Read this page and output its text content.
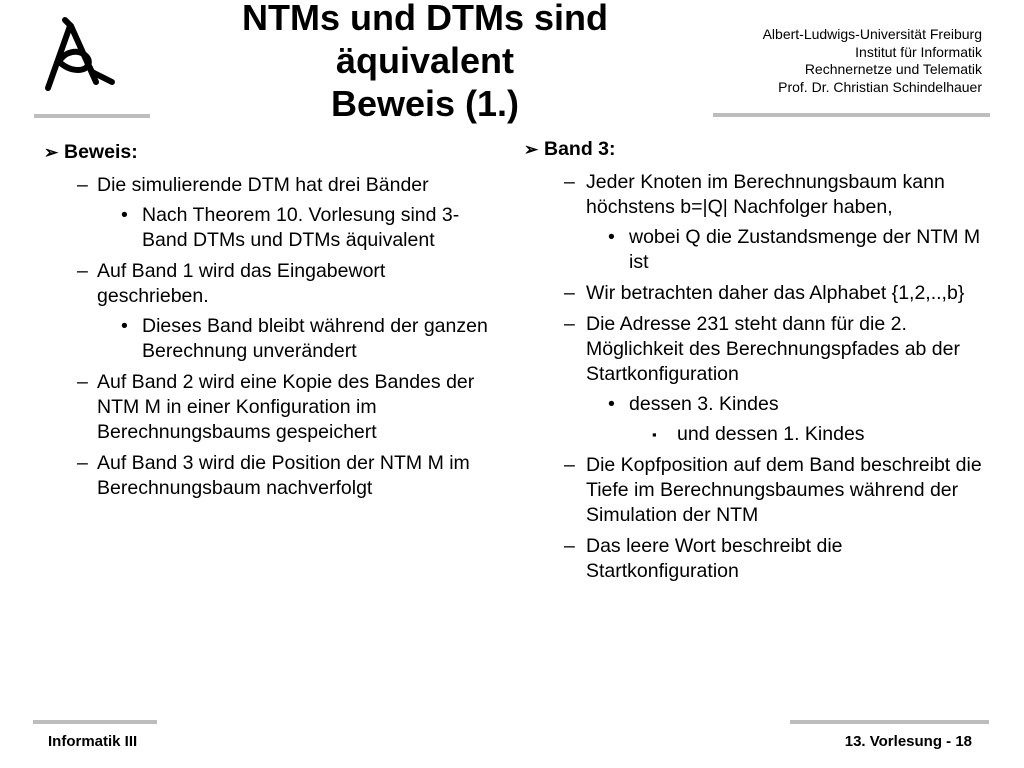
NTMs und DTMs sind
äquivalent
Beweis (1.)
Albert-Ludwigs-Universität Freiburg
Institut für Informatik
Rechnernetze und Telematik
Prof. Dr. Christian Schindelhauer
➢ Beweis:
– Die simulierende DTM hat drei Bänder
• Nach Theorem 10. Vorlesung sind 3-Band DTMs und DTMs äquivalent
– Auf Band 1 wird das Eingabewort geschrieben.
• Dieses Band bleibt während der ganzen Berechnung unverändert
– Auf Band 2 wird eine Kopie des Bandes der NTM M in einer Konfiguration im Berechnungsbaums gespeichert
– Auf Band 3 wird die Position der NTM M im Berechnungsbaum nachverfolgt
➢ Band 3:
– Jeder Knoten im Berechnungsbaum kann höchstens b=|Q| Nachfolger haben,
• wobei Q die Zustandsmenge der NTM M ist
– Wir betrachten daher das Alphabet {1,2,..,b}
– Die Adresse 231 steht dann für die 2. Möglichkeit des Berechnungspfades ab der Startkonfiguration
• dessen 3. Kindes
▪ und dessen 1. Kindes
– Die Kopfposition auf dem Band beschreibt die Tiefe im Berechnungsbaumes während der Simulation der NTM
– Das leere Wort beschreibt die Startkonfiguration
Informatik III	13. Vorlesung - 18
